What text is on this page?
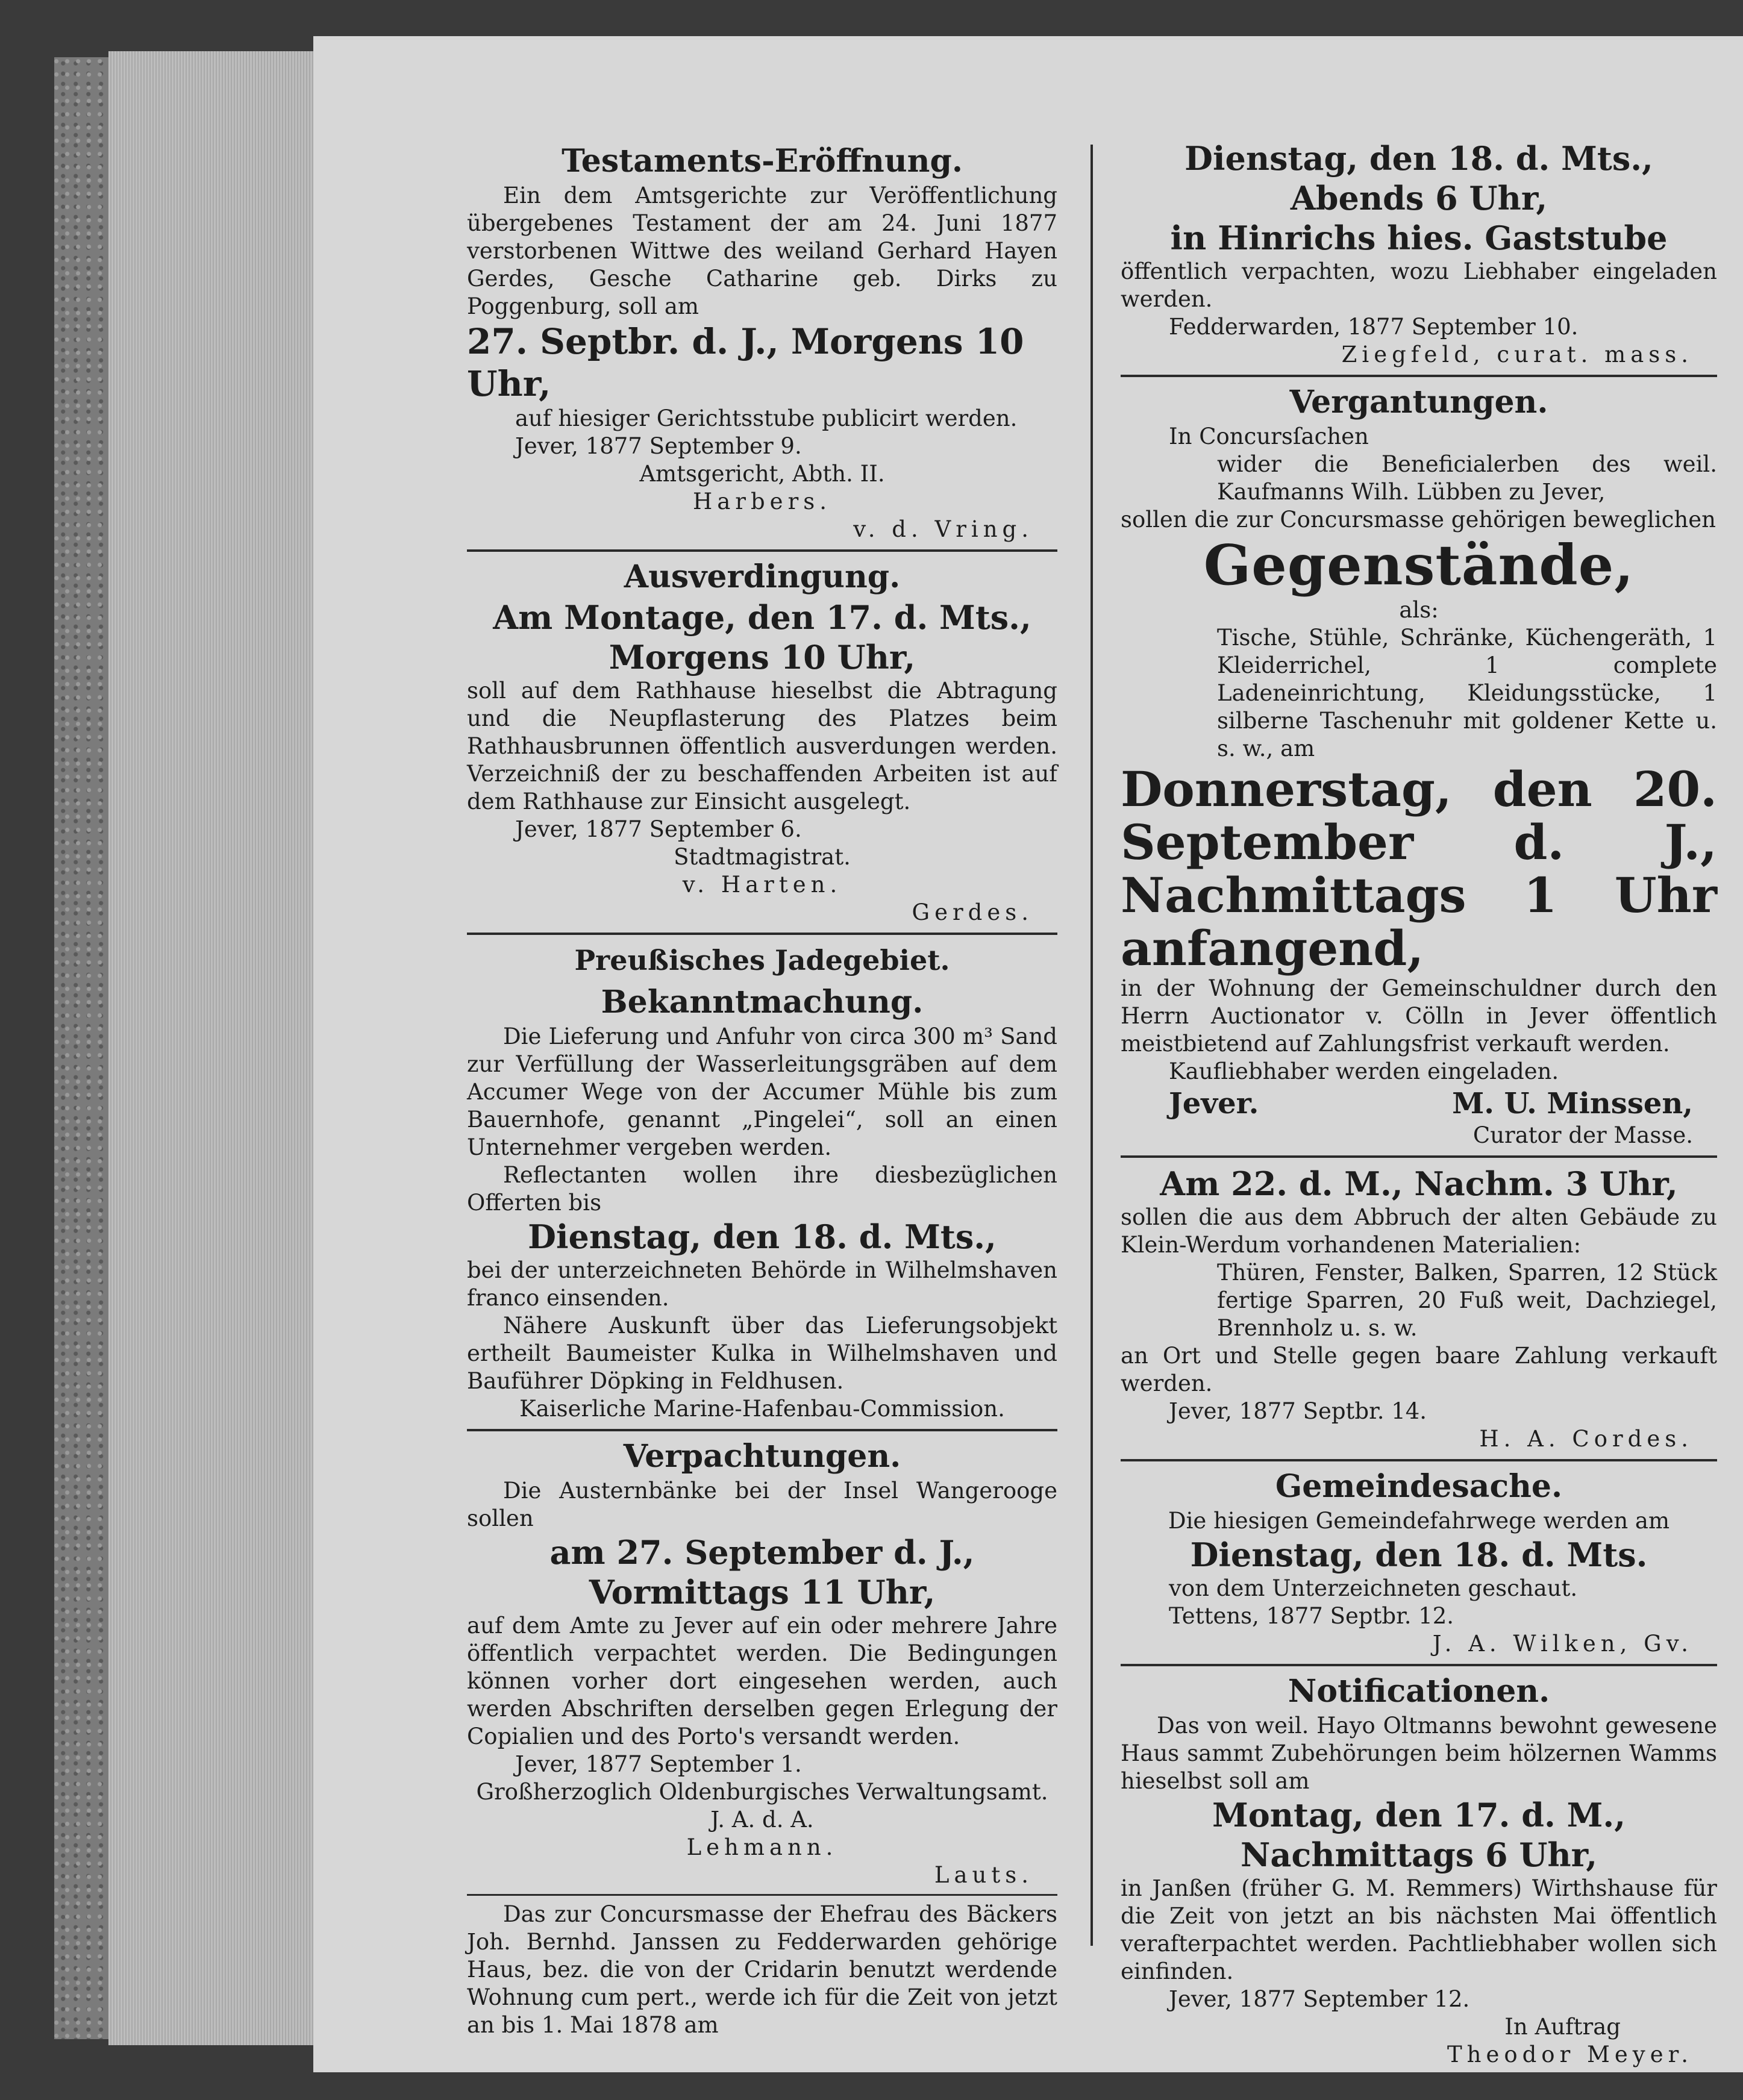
Testaments-Eröffnung.

Ein dem Amtsgerichte zur Veröffentlichung übergebenes Testament der am 24. Juni 1877 verstorbenen Wittwe des weiland Gerhard Hayen Gerdes, Gesche Catharine geb. Dirks zu Poggenburg, soll am

27. Septbr. d. J., Morgens 10 Uhr,

auf hiesiger Gerichtsstube publicirt werden.

Jever, 1877 September 9.

Amtsgericht, Abth. II.

Harbers.

v. d. Vring.

Ausverdingung.
Am Montage, den 17. d. Mts.,
Morgens 10 Uhr,

soll auf dem Rathhause hieselbst die Abtragung und die Neupflasterung des Platzes beim Rathhausbrunnen öffentlich ausverdungen werden. Verzeichniß der zu beschaffenden Arbeiten ist auf dem Rathhause zur Einsicht ausgelegt.

Jever, 1877 September 6.

Stadtmagistrat.

v. Harten.

Gerdes.

Preußisches Jadegebiet.
Bekanntmachung.

Die Lieferung und Anfuhr von circa 300 m³ Sand zur Verfüllung der Wasserleitungsgräben auf dem Accumer Wege von der Accumer Mühle bis zum Bauernhofe, genannt „Pingelei“, soll an einen Unternehmer vergeben werden.

Reflectanten wollen ihre diesbezüglichen Offerten bis

Dienstag, den 18. d. Mts.,

bei der unterzeichneten Behörde in Wilhelmshaven franco einsenden.

Nähere Auskunft über das Lieferungsobjekt ertheilt Baumeister Kulka in Wilhelmshaven und Bauführer Döpking in Feldhusen.

Kaiserliche Marine-Hafenbau-Commission.

Verpachtungen.

Die Austernbänke bei der Insel Wangerooge sollen

am 27. September d. J.,
Vormittags 11 Uhr,

auf dem Amte zu Jever auf ein oder mehrere Jahre öffentlich verpachtet werden. Die Bedingungen können vorher dort eingesehen werden, auch werden Abschriften derselben gegen Erlegung der Copialien und des Porto's versandt werden.

Jever, 1877 September 1.

Großherzoglich Oldenburgisches Verwaltungsamt.

J. A. d. A.

Lehmann.

Lauts.

Das zur Concursmasse der Ehefrau des Bäckers Joh. Bernhd. Janssen zu Fedderwarden gehörige Haus, bez. die von der Cridarin benutzt werdende Wohnung cum pert., werde ich für die Zeit von jetzt an bis 1. Mai 1878 am

Dienstag, den 18. d. Mts.,
Abends 6 Uhr,
in Hinrichs hies. Gaststube

öffentlich verpachten, wozu Liebhaber eingeladen werden.

Fedderwarden, 1877 September 10.

Ziegfeld, curat. mass.

Vergantungen.

In Concursſachen

wider die Beneficialerben des weil. Kaufmanns Wilh. Lübben zu Jever,

sollen die zur Concursmasse gehörigen beweglichen

Gegenstände,

als:

Tische, Stühle, Schränke, Küchengeräth, 1 Kleiderrichel, 1 complete Ladeneinrichtung, Kleidungsstücke, 1 silberne Taschenuhr mit goldener Kette u. s. w., am

Donnerstag, den 20. September d. J., Nachmittags 1 Uhr anfangend,

in der Wohnung der Gemeinschuldner durch den Herrn Auctionator v. Cölln in Jever öffentlich meistbietend auf Zahlungsfrist verkauft werden.

Kaufliebhaber werden eingeladen.

Jever.	M. U. Minssen,

Curator der Masse.

Am 22. d. M., Nachm. 3 Uhr,

sollen die aus dem Abbruch der alten Gebäude zu Klein-Werdum vorhandenen Materialien:

Thüren, Fenster, Balken, Sparren, 12 Stück fertige Sparren, 20 Fuß weit, Dachziegel, Brennholz u. s. w.

an Ort und Stelle gegen baare Zahlung verkauft werden.

Jever, 1877 Septbr. 14.

H. A. Cordes.

Gemeindesache.

Die hiesigen Gemeindefahrwege werden am

Dienstag, den 18. d. Mts.

von dem Unterzeichneten geschaut.

Tettens, 1877 Septbr. 12.

J. A. Wilken, Gv.

Notificationen.

Das von weil. Hayo Oltmanns bewohnt gewesene Haus sammt Zubehörungen beim hölzernen Wamms hieselbst soll am

Montag, den 17. d. M.,
Nachmittags 6 Uhr,

in Janßen (früher G. M. Remmers) Wirthshause für die Zeit von jetzt an bis nächsten Mai öffentlich verafterpachtet werden. Pachtliebhaber wollen sich einfinden.

Jever, 1877 September 12.

In Auftrag

Theodor Meyer.
